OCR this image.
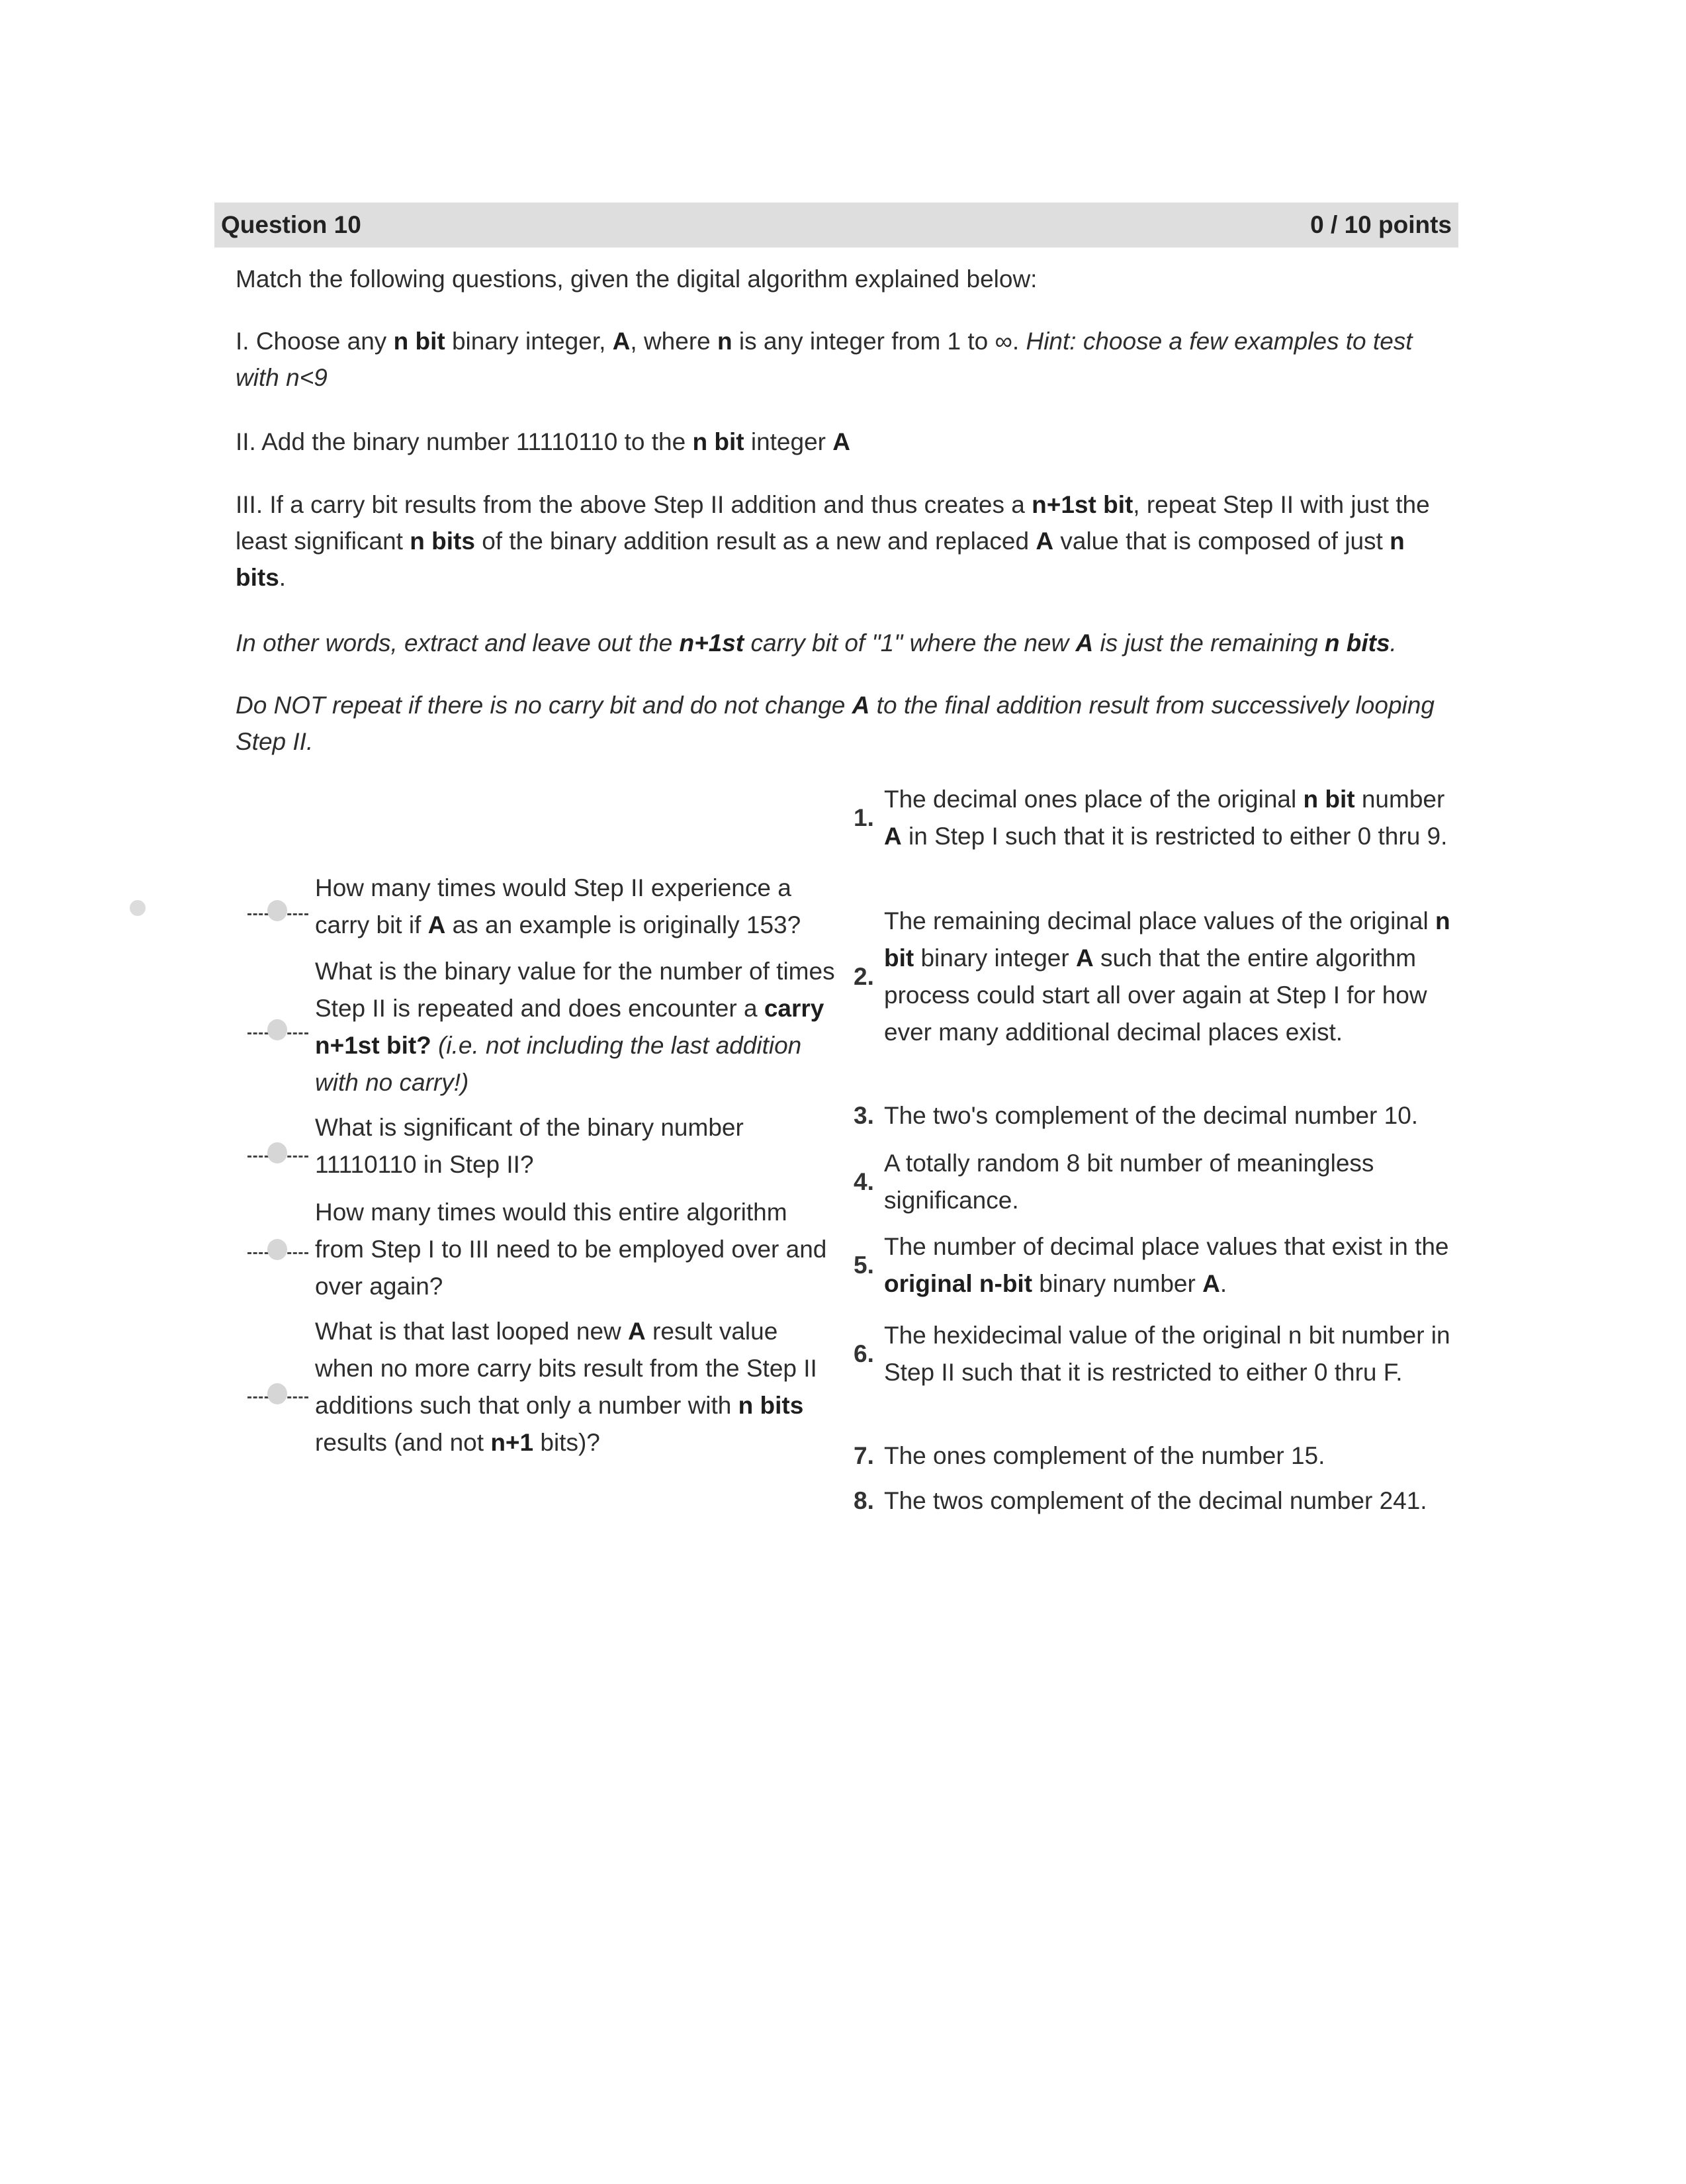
Question 10	0 / 10 points

Match the following questions, given the digital algorithm explained below:

I. Choose any n bit binary integer, A, where n is any integer from 1 to ∞. Hint: choose a few examples to test with n<9

II. Add the binary number 11110110 to the n bit integer A

III. If a carry bit results from the above Step II addition and thus creates a n+1st bit, repeat Step II with just the least significant n bits of the binary addition result as a new and replaced A value that is composed of just n bits.

In other words, extract and leave out the n+1st carry bit of "1" where the new A is just the remaining n bits.

Do NOT repeat if there is no carry bit and do not change A to the final addition result from successively looping Step II.

How many times would Step II experience a carry bit if A as an example is originally 153?
What is the binary value for the number of times Step II is repeated and does encounter a carry n+1st bit? (i.e. not including the last addition with no carry!)
What is significant of the binary number 11110110 in Step II?
How many times would this entire algorithm from Step I to III need to be employed over and over again?
What is that last looped new A result value when no more carry bits result from the Step II additions such that only a number with n bits results (and not n+1 bits)?
1.
The decimal ones place of the original n bit number A in Step I such that it is restricted to either 0 thru 9.
2.
The remaining decimal place values of the original n bit binary integer A such that the entire algorithm process could start all over again at Step I for how ever many additional decimal places exist.
3. The two's complement of the decimal number 10.
4.
A totally random 8 bit number of meaningless significance.
5.
The number of decimal place values that exist in the original n-bit binary number A.
6.
The hexidecimal value of the original n bit number in Step II such that it is restricted to either 0 thru F.
7. The ones complement of the number 15.
8. The twos complement of the decimal number 241.
